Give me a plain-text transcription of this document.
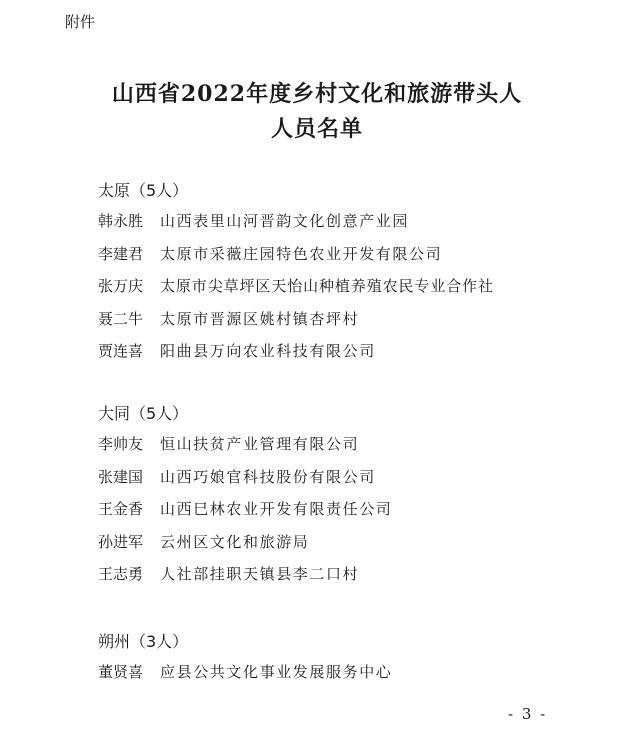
附件
山西省2022年度乡村文化和旅游带头人
人员名单
太原（5人）
韩永胜	山西表里山河晋韵文化创意产业园
李建君	太原市采薇庄园特色农业开发有限公司
张万庆	太原市尖草坪区天怡山种植养殖农民专业合作社
聂二牛	太原市晋源区姚村镇杏坪村
贾连喜	阳曲县万向农业科技有限公司
大同（5人）
李帅友	恒山扶贫产业管理有限公司
张建国	山西巧娘官科技股份有限公司
王金香	山西巳林农业开发有限责任公司
孙进军	云州区文化和旅游局
王志勇	人社部挂职天镇县李二口村
朔州（3人）
董贤喜	应县公共文化事业发展服务中心
- 3 -
